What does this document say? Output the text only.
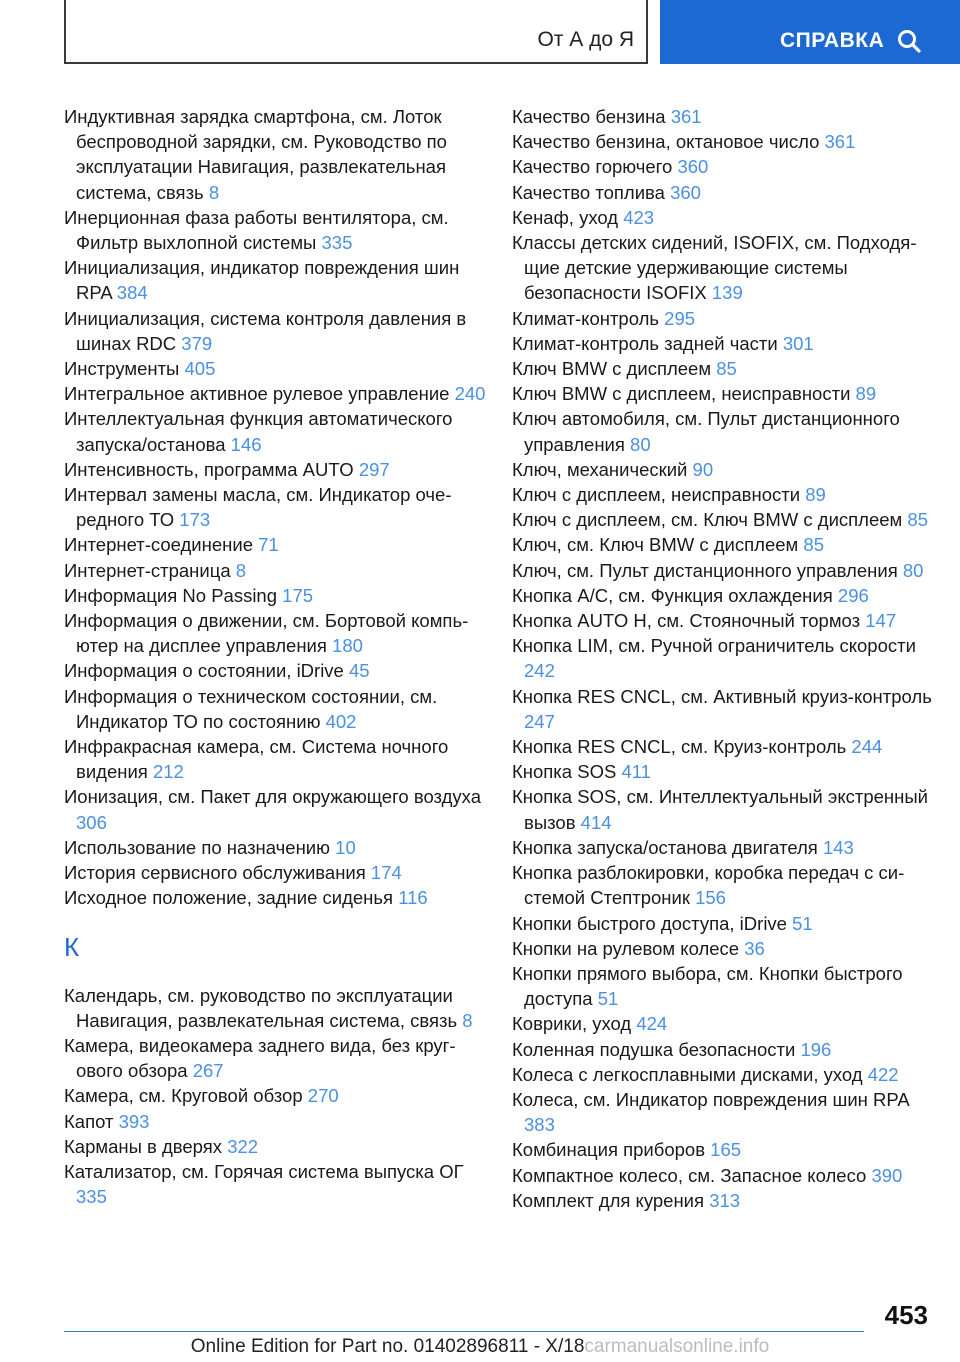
От А до Я	СПРАВКА
Индуктивная зарядка смартфона, см. Лоток беспроводной зарядки, см. Руководство по эксплуатации Навигация, развлекательная система, связь 8
Инерционная фаза работы вентилятора, см. Фильтр выхлопной системы 335
Инициализация, индикатор повреждения шин RPA 384
Инициализация, система контроля давления в шинах RDC 379
Инструменты 405
Интегральное активное рулевое управление 240
Интеллектуальная функция автоматического запуска/останова 146
Интенсивность, программа AUTO 297
Интервал замены масла, см. Индикатор очередного ТО 173
Интернет-соединение 71
Интернет-страница 8
Информация No Passing 175
Информация о движении, см. Бортовой компьютер на дисплее управления 180
Информация о состоянии, iDrive 45
Информация о техническом состоянии, см. Индикатор ТО по состоянию 402
Инфракрасная камера, см. Система ночного видения 212
Ионизация, см. Пакет для окружающего воздуха 306
Использование по назначению 10
История сервисного обслуживания 174
Исходное положение, задние сиденья 116
К
Календарь, см. руководство по эксплуатации Навигация, развлекательная система, связь 8
Камера, видеокамера заднего вида, без кругового обзора 267
Камера, см. Круговой обзор 270
Капот 393
Карманы в дверях 322
Катализатор, см. Горячая система выпуска ОГ 335
Качество бензина 361
Качество бензина, октановое число 361
Качество горючего 360
Качество топлива 360
Кенаф, уход 423
Классы детских сидений, ISOFIX, см. Подходящие детские удерживающие системы безопасности ISOFIX 139
Климат-контроль 295
Климат-контроль задней части 301
Ключ BMW с дисплеем 85
Ключ BMW с дисплеем, неисправности 89
Ключ автомобиля, см. Пульт дистанционного управления 80
Ключ, механический 90
Ключ с дисплеем, неисправности 89
Ключ с дисплеем, см. Ключ BMW с дисплеем 85
Ключ, см. Ключ BMW с дисплеем 85
Ключ, см. Пульт дистанционного управления 80
Кнопка A/C, см. Функция охлаждения 296
Кнопка AUTO H, см. Стояночный тормоз 147
Кнопка LIM, см. Ручной ограничитель скорости 242
Кнопка RES CNCL, см. Активный круиз-контроль 247
Кнопка RES CNCL, см. Круиз-контроль 244
Кнопка SOS 411
Кнопка SOS, см. Интеллектуальный экстренный вызов 414
Кнопка запуска/останова двигателя 143
Кнопка разблокировки, коробка передач с системой Стептроник 156
Кнопки быстрого доступа, iDrive 51
Кнопки на рулевом колесе 36
Кнопки прямого выбора, см. Кнопки быстрого доступа 51
Коврики, уход 424
Коленная подушка безопасности 196
Колеса с легкосплавными дисками, уход 422
Колеса, см. Индикатор повреждения шин RPA 383
Комбинация приборов 165
Компактное колесо, см. Запасное колесо 390
Комплект для курения 313
453
Online Edition for Part no. 01402896811 - X/18carmanualsonline.info
